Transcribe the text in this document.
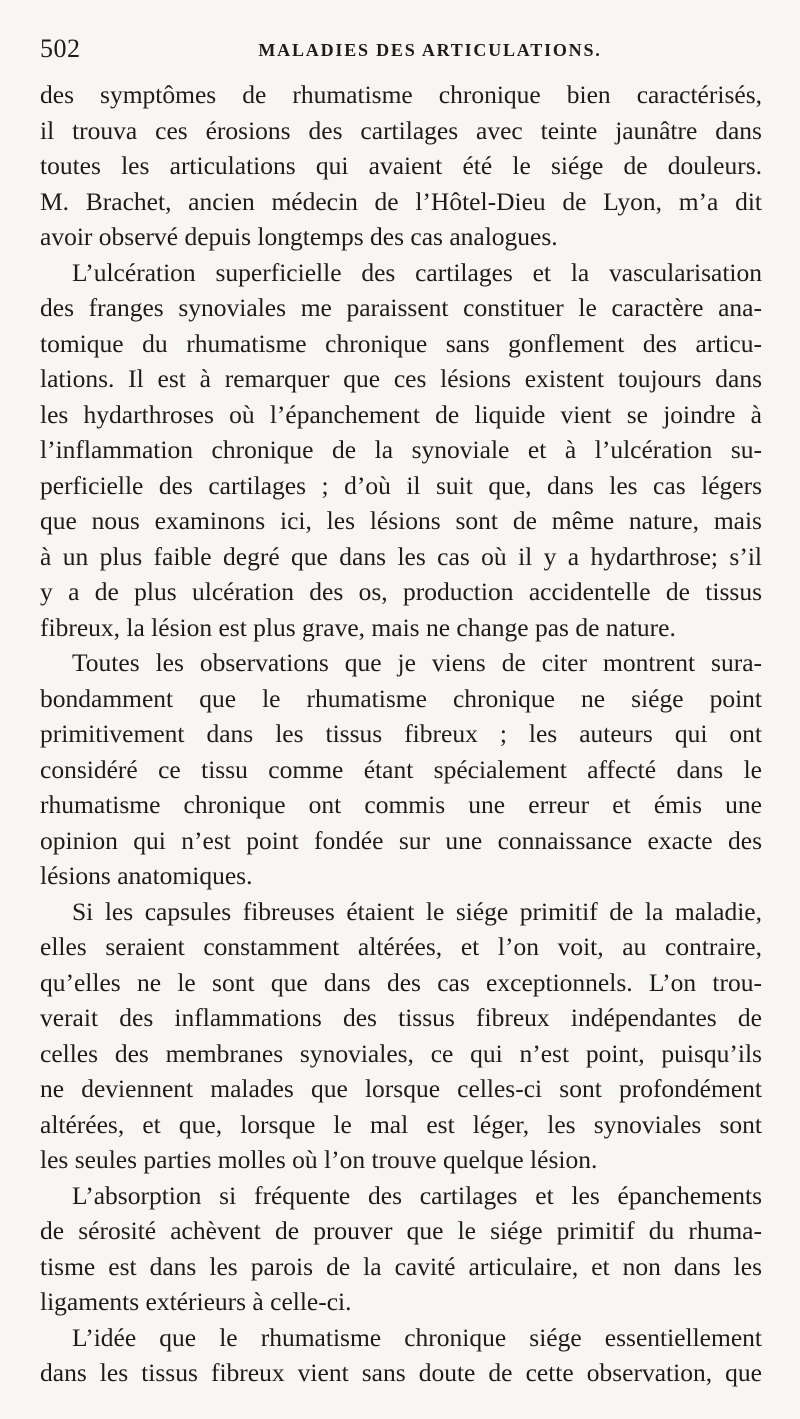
502	MALADIES DES ARTICULATIONS.

des symptômes de rhumatisme chronique bien caractérisés,
il trouva ces érosions des cartilages avec teinte jaunâtre dans
toutes les articulations qui avaient été le siége de douleurs.
M. Brachet, ancien médecin de l’Hôtel-Dieu de Lyon, m’a dit
avoir observé depuis longtemps des cas analogues.

L’ulcération superficielle des cartilages et la vascularisation
des franges synoviales me paraissent constituer le caractère ana-
tomique du rhumatisme chronique sans gonflement des articu-
lations. Il est à remarquer que ces lésions existent toujours dans
les hydarthroses où l’épanchement de liquide vient se joindre à
l’inflammation chronique de la synoviale et à l’ulcération su-
perficielle des cartilages ; d’où il suit que, dans les cas légers
que nous examinons ici, les lésions sont de même nature, mais
à un plus faible degré que dans les cas où il y a hydarthrose; s’il
y a de plus ulcération des os, production accidentelle de tissus
fibreux, la lésion est plus grave, mais ne change pas de nature.

Toutes les observations que je viens de citer montrent sura-
bondamment que le rhumatisme chronique ne siége point
primitivement dans les tissus fibreux ; les auteurs qui ont
considéré ce tissu comme étant spécialement affecté dans le
rhumatisme chronique ont commis une erreur et émis une
opinion qui n’est point fondée sur une connaissance exacte des
lésions anatomiques.

Si les capsules fibreuses étaient le siége primitif de la maladie,
elles seraient constamment altérées, et l’on voit, au contraire,
qu’elles ne le sont que dans des cas exceptionnels. L’on trou-
verait des inflammations des tissus fibreux indépendantes de
celles des membranes synoviales, ce qui n’est point, puisqu’ils
ne deviennent malades que lorsque celles-ci sont profondément
altérées, et que, lorsque le mal est léger, les synoviales sont
les seules parties molles où l’on trouve quelque lésion.

L’absorption si fréquente des cartilages et les épanchements
de sérosité achèvent de prouver que le siége primitif du rhuma-
tisme est dans les parois de la cavité articulaire, et non dans les
ligaments extérieurs à celle-ci.

L’idée que le rhumatisme chronique siége essentiellement
dans les tissus fibreux vient sans doute de cette observation, que
